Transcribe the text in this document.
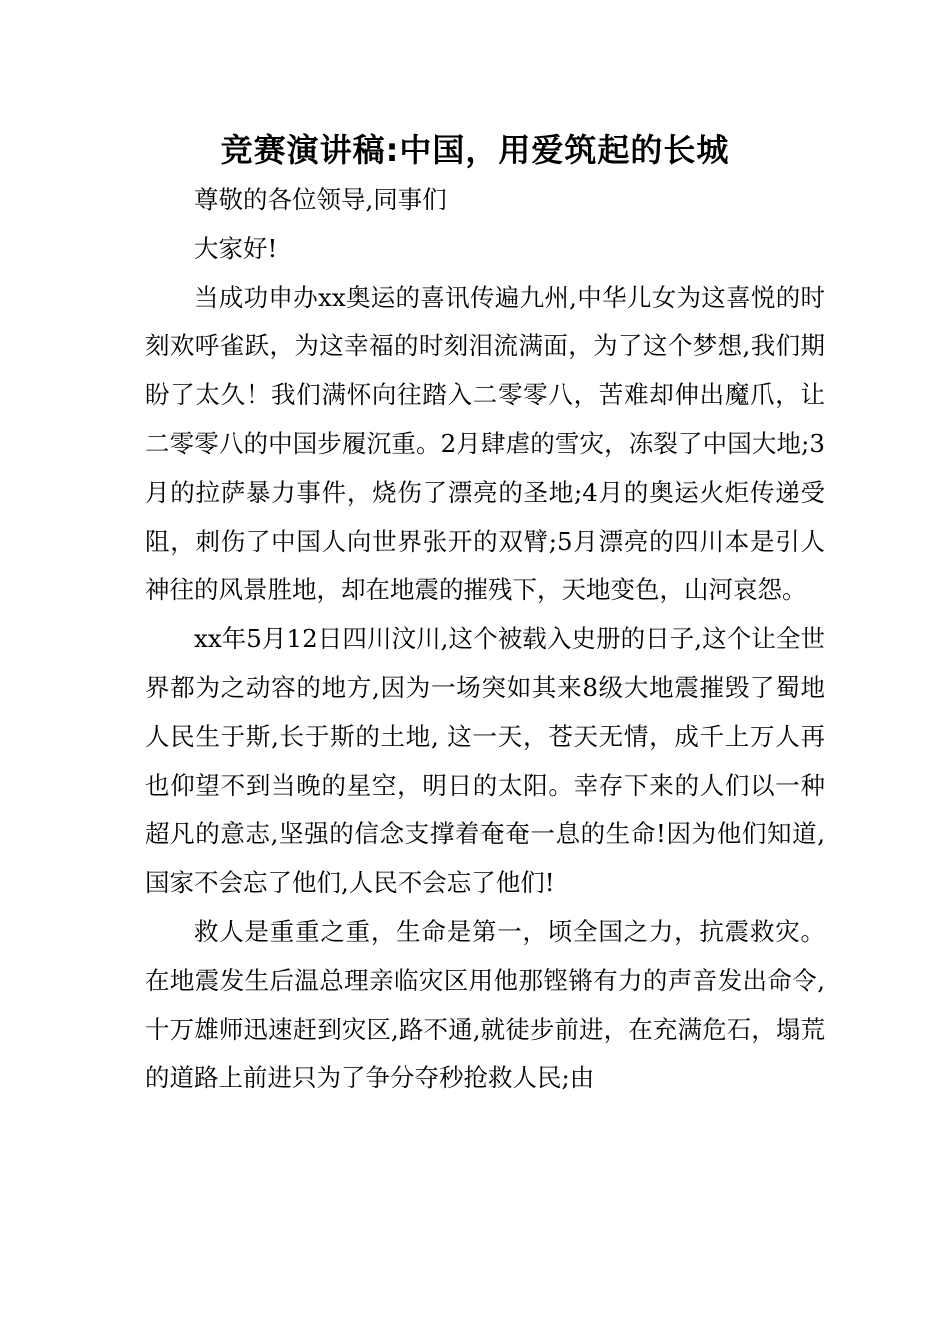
竞赛演讲稿:中国，用爱筑起的长城

尊敬的各位领导,同事们

大家好!

当成功申办xx奥运的喜讯传遍九州,中华儿女为这喜悦的时刻欢呼雀跃，为这幸福的时刻泪流满面，为了这个梦想,我们期盼了太久！我们满怀向往踏入二零零八，苦难却伸出魔爪，让二零零八的中国步履沉重。2月肆虐的雪灾，冻裂了中国大地;3月的拉萨暴力事件，烧伤了漂亮的圣地;4月的奥运火炬传递受阻，刺伤了中国人向世界张开的双臂;5月漂亮的四川本是引人神往的风景胜地，却在地震的摧残下，天地变色，山河哀怨。

xx年5月12日四川汶川,这个被载入史册的日子,这个让全世界都为之动容的地方,因为一场突如其来8级大地震摧毁了蜀地人民生于斯,长于斯的土地, 这一天，苍天无情，成千上万人再也仰望不到当晚的星空，明日的太阳。幸存下来的人们以一种超凡的意志,坚强的信念支撑着奄奄一息的生命!因为他们知道,国家不会忘了他们,人民不会忘了他们!

救人是重重之重，生命是第一，顷全国之力，抗震救灾。在地震发生后温总理亲临灾区用他那铿锵有力的声音发出命令,十万雄师迅速赶到灾区,路不通,就徒步前进，在充满危石，塌荒的道路上前进只为了争分夺秒抢救人民;由
